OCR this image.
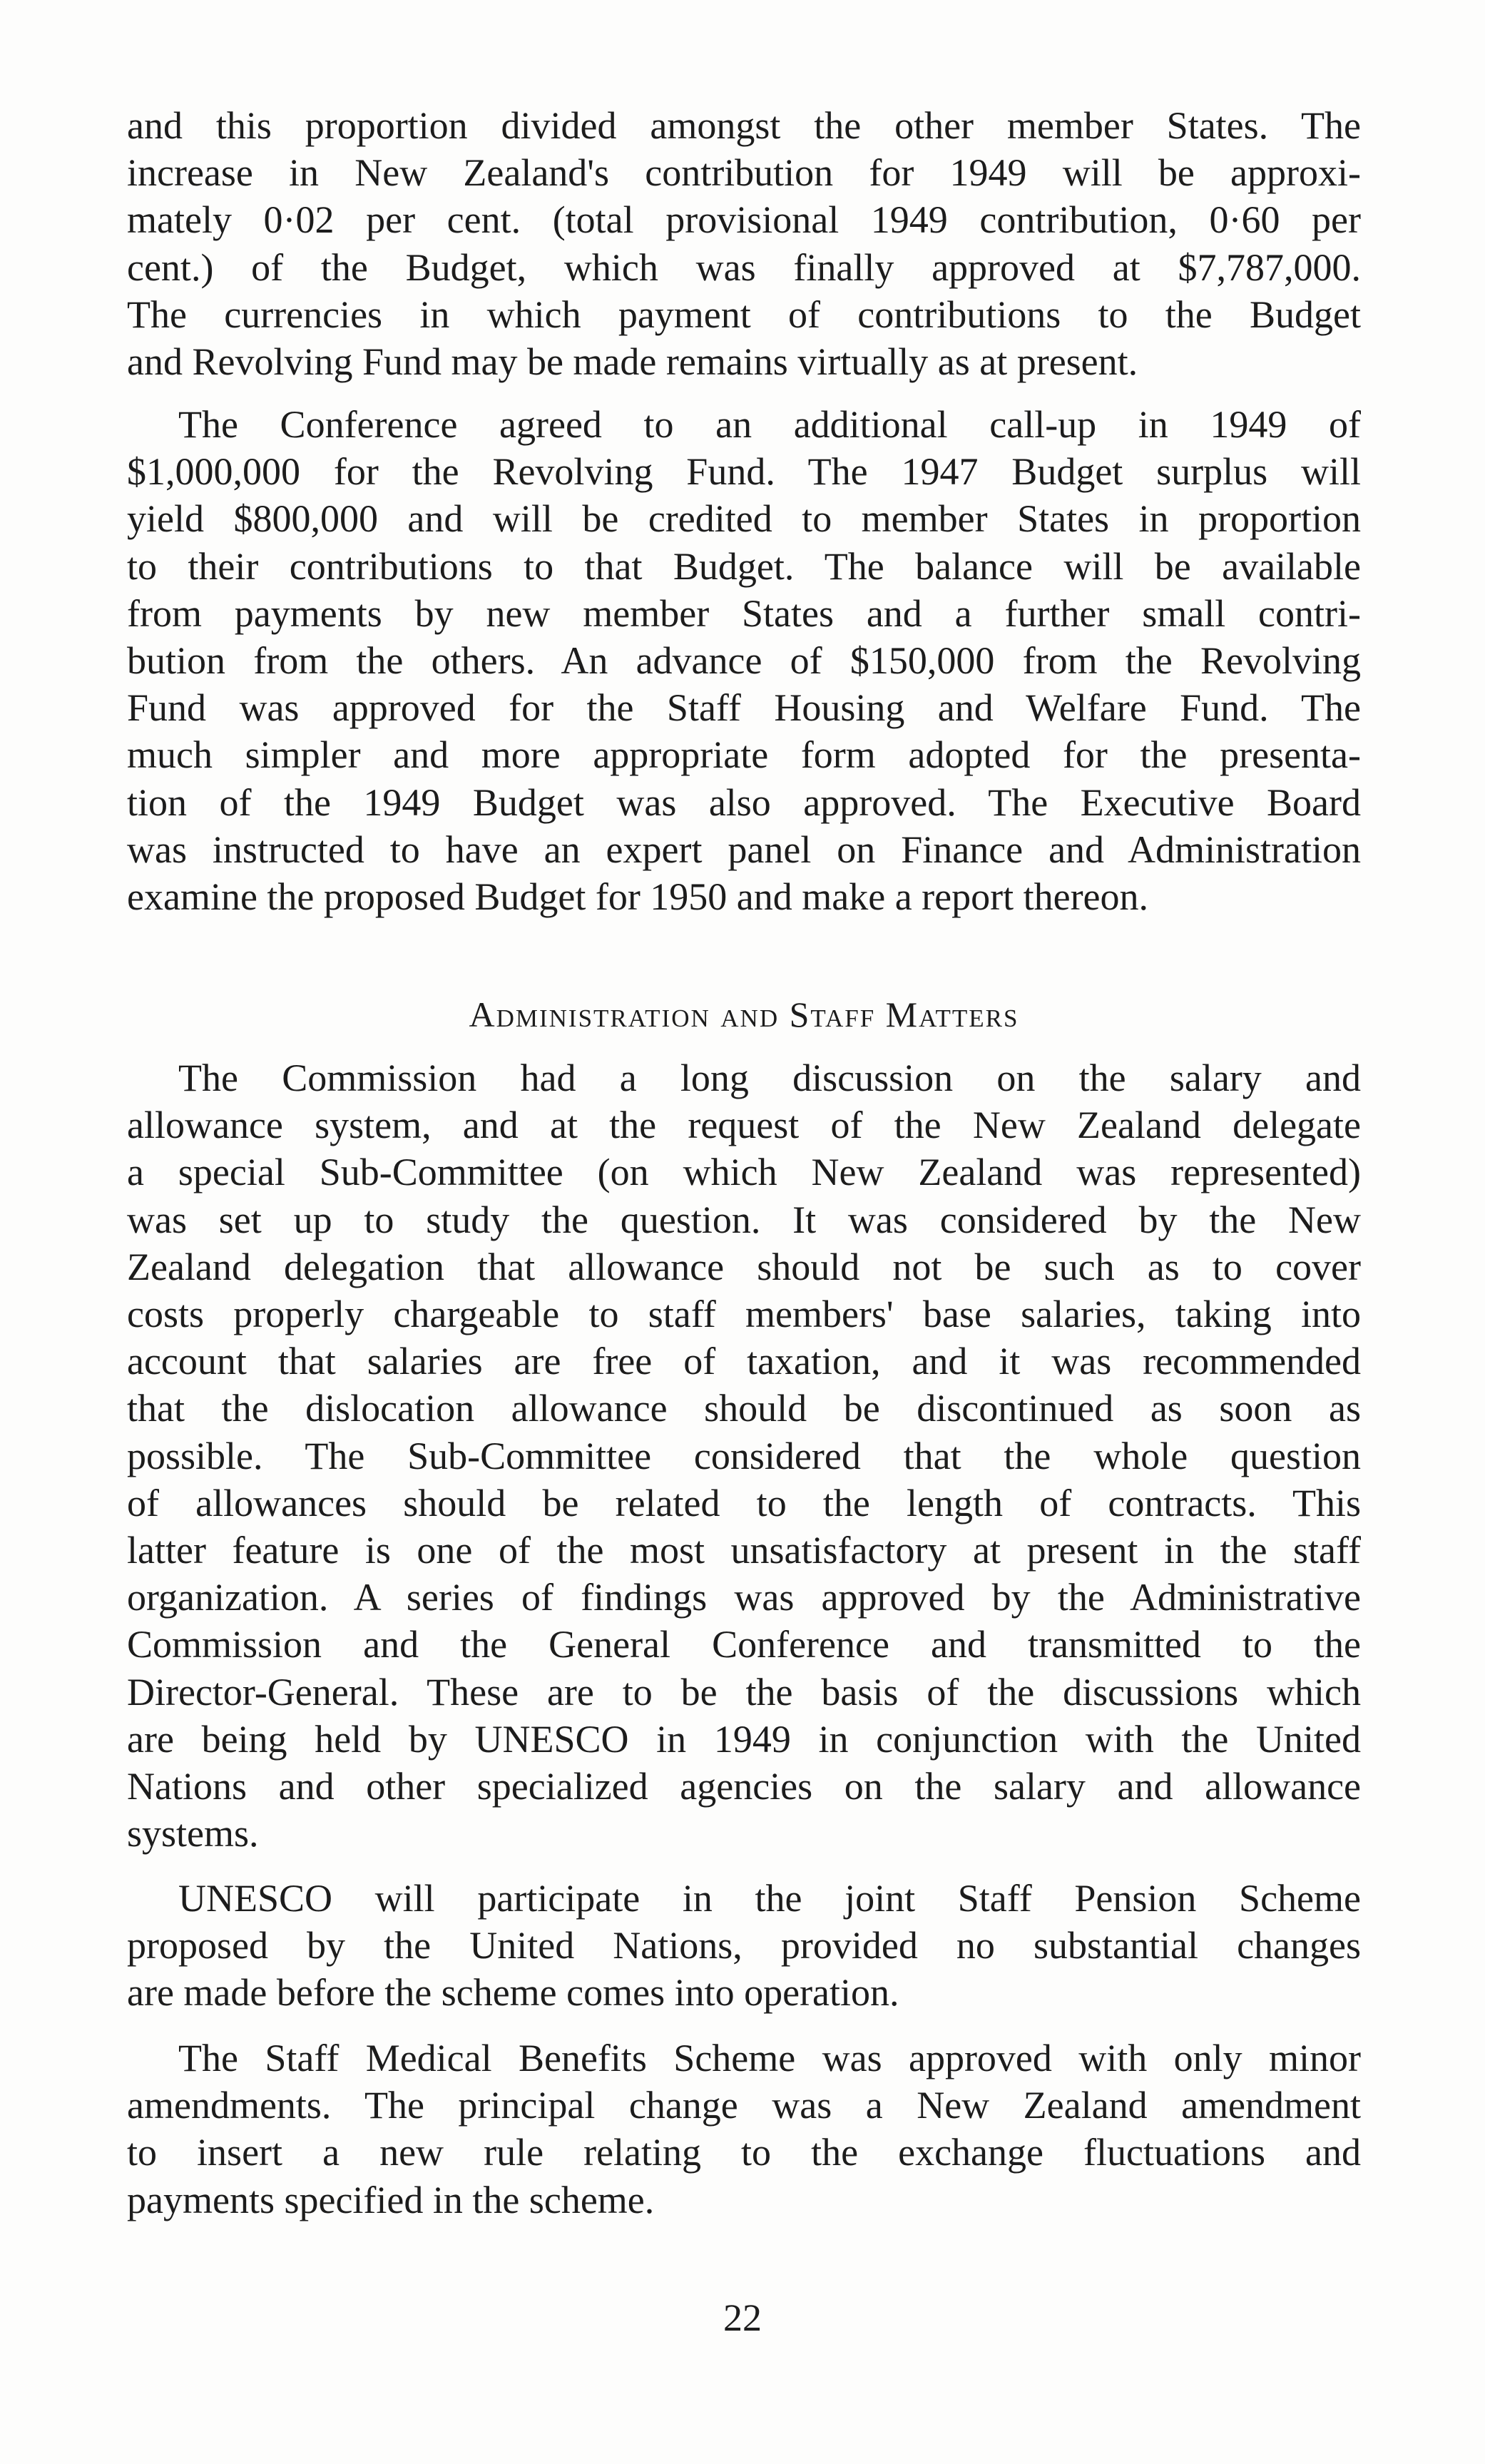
and this proportion divided amongst the other member States. The
increase in New Zealand's contribution for 1949 will be approxi-
mately 0·02 per cent. (total provisional 1949 contribution, 0·60 per
cent.) of the Budget, which was finally approved at $7,787,000.
The currencies in which payment of contributions to the Budget
and Revolving Fund may be made remains virtually as at present.
The Conference agreed to an additional call-up in 1949 of
$1,000,000 for the Revolving Fund. The 1947 Budget surplus will
yield $800,000 and will be credited to member States in proportion
to their contributions to that Budget. The balance will be available
from payments by new member States and a further small contri-
bution from the others. An advance of $150,000 from the Revolving
Fund was approved for the Staff Housing and Welfare Fund. The
much simpler and more appropriate form adopted for the presenta-
tion of the 1949 Budget was also approved. The Executive Board
was instructed to have an expert panel on Finance and Administration
examine the proposed Budget for 1950 and make a report thereon.
Administration and Staff Matters
The Commission had a long discussion on the salary and
allowance system, and at the request of the New Zealand delegate
a special Sub-Committee (on which New Zealand was represented)
was set up to study the question. It was considered by the New
Zealand delegation that allowance should not be such as to cover
costs properly chargeable to staff members' base salaries, taking into
account that salaries are free of taxation, and it was recommended
that the dislocation allowance should be discontinued as soon as
possible. The Sub-Committee considered that the whole question
of allowances should be related to the length of contracts. This
latter feature is one of the most unsatisfactory at present in the staff
organization. A series of findings was approved by the Administrative
Commission and the General Conference and transmitted to the
Director-General. These are to be the basis of the discussions which
are being held by UNESCO in 1949 in conjunction with the United
Nations and other specialized agencies on the salary and allowance
systems.
UNESCO will participate in the joint Staff Pension Scheme
proposed by the United Nations, provided no substantial changes
are made before the scheme comes into operation.
The Staff Medical Benefits Scheme was approved with only minor
amendments. The principal change was a New Zealand amendment
to insert a new rule relating to the exchange fluctuations and
payments specified in the scheme.
22
